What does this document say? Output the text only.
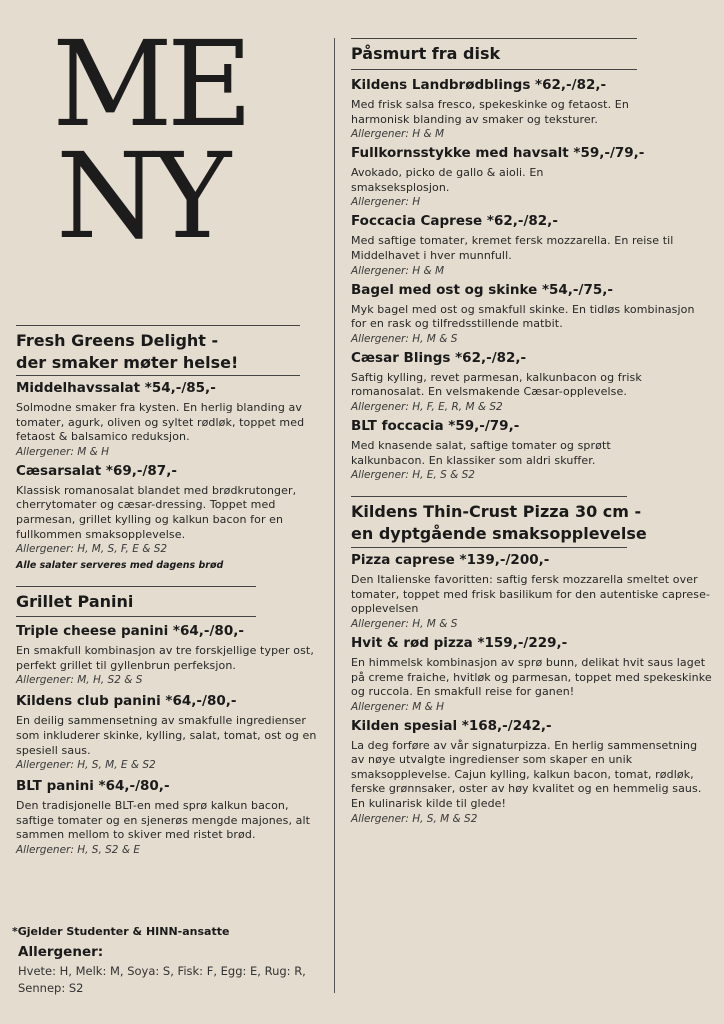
ME
NY
Fresh Greens Delight -
der smaker møter helse!
Middelhavssalat *54,-/85,-
Solmodne smaker fra kysten. En herlig blanding av tomater, agurk, oliven og syltet rødløk, toppet med fetaost & balsamico reduksjon.
Allergener: M & H
Cæsarsalat *69,-/87,-
Klassisk romanosalat blandet med brødkrutonger, cherrytomater og cæsar-dressing. Toppet med parmesan, grillet kylling og kalkun bacon for en fullkommen smaksopplevelse.
Allergener: H, M, S, F, E & S2
Alle salater serveres med dagens brød
Grillet Panini
Triple cheese panini *64,-/80,-
En smakfull kombinasjon av tre forskjellige typer ost, perfekt grillet til gyllenbrun perfeksjon.
Allergener: M, H, S2 & S
Kildens club panini *64,-/80,-
En deilig sammensetning av smakfulle ingredienser som inkluderer skinke, kylling, salat, tomat, ost og en spesiell saus.
Allergener: H, S, M, E & S2
BLT panini *64,-/80,-
Den tradisjonelle BLT-en med sprø kalkun bacon, saftige tomater og en sjenerøs mengde majones, alt sammen mellom to skiver med ristet brød.
Allergener: H, S, S2 & E
*Gjelder Studenter & HINN-ansatte
Allergener:
Hvete: H, Melk: M, Soya: S, Fisk: F, Egg: E, Rug: R, Sennep: S2
Påsmurt fra disk
Kildens Landbrødblings *62,-/82,-
Med frisk salsa fresco, spekeskinke og fetaost. En harmonisk blanding av smaker og teksturer.
Allergener: H & M
Fullkornsstykke med havsalt *59,-/79,-
Avokado, picko de gallo & aioli. En smakseksplosjon.
Allergener: H
Foccacia Caprese *62,-/82,-
Med saftige tomater, kremet fersk mozzarella. En reise til Middelhavet i hver munnfull.
Allergener: H & M
Bagel med ost og skinke *54,-/75,-
Myk bagel med ost og smakfull skinke. En tidløs kombinasjon for en rask og tilfredsstillende matbit.
Allergener: H, M & S
Cæsar Blings *62,-/82,-
Saftig kylling, revet parmesan, kalkunbacon og frisk romanosalat. En velsmakende Cæsar-opplevelse.
Allergener: H, F, E, R, M & S2
BLT foccacia *59,-/79,-
Med knasende salat, saftige tomater og sprøtt kalkunbacon. En klassiker som aldri skuffer.
Allergener: H, E, S & S2
Kildens Thin-Crust Pizza 30 cm -
en dyptgående smaksopplevelse
Pizza caprese *139,-/200,-
Den Italienske favoritten: saftig fersk mozzarella smeltet over tomater, toppet med frisk basilikum for den autentiske caprese-opplevelsen
Allergener: H, M & S
Hvit & rød pizza *159,-/229,-
En himmelsk kombinasjon av sprø bunn, delikat hvit saus laget på creme fraiche, hvitløk og parmesan, toppet med spekeskinke og ruccola. En smakfull reise for ganen!
Allergener: M & H
Kilden spesial *168,-/242,-
La deg forføre av vår signaturpizza. En herlig sammensetning av nøye utvalgte ingredienser som skaper en unik smaksopplevelse. Cajun kylling, kalkun bacon, tomat, rødløk, ferske grønnsaker, oster av høy kvalitet og en hemmelig saus. En kulinarisk kilde til glede!
Allergener: H, S, M & S2
